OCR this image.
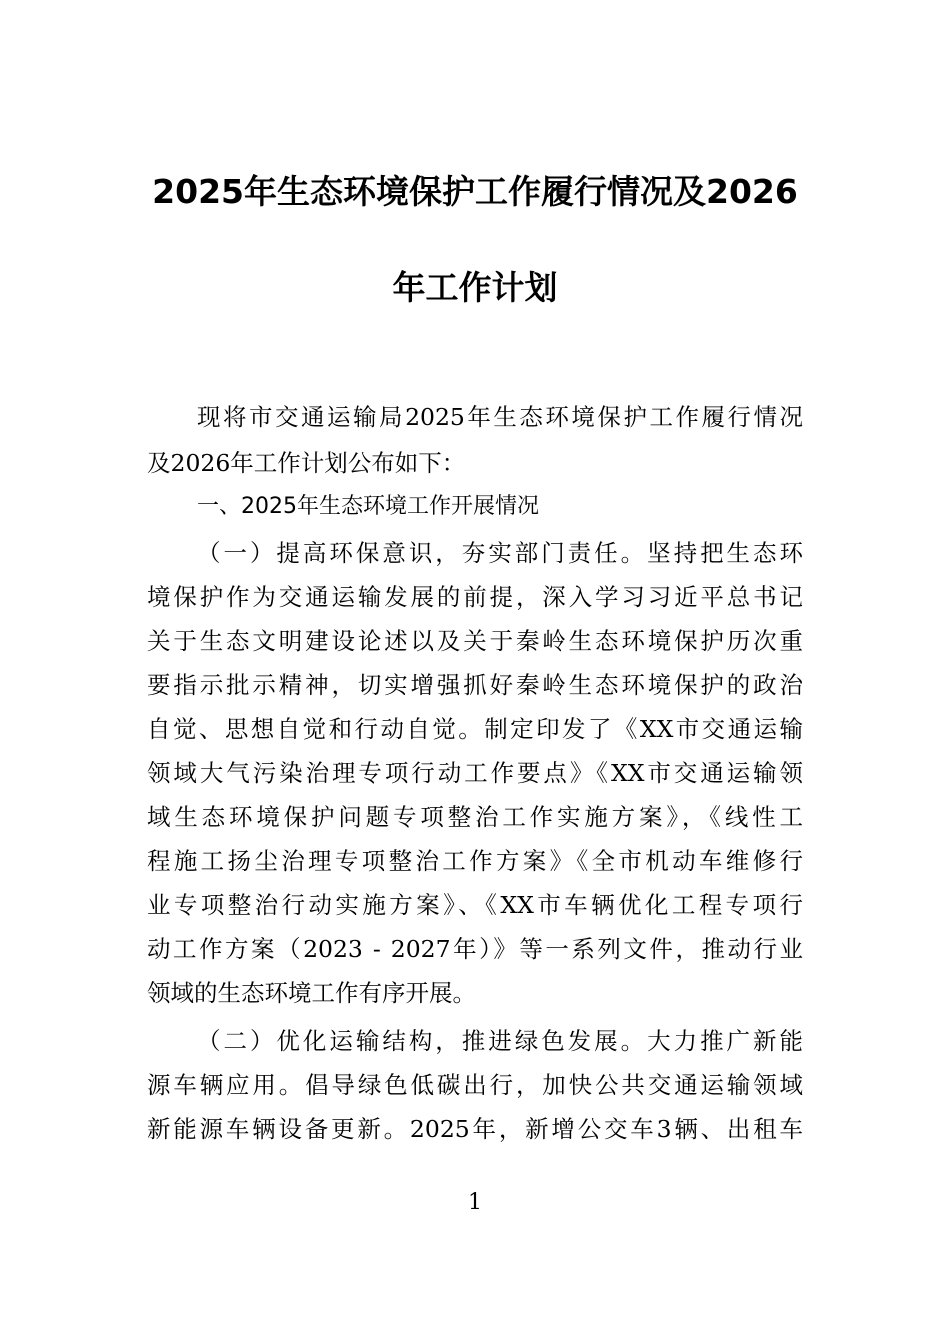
2025年生态环境保护工作履行情况及2026
年工作计划
现将市交通运输局2025年生态环境保护工作履行情况
及2026年工作计划公布如下：
一、2025年生态环境工作开展情况
（一）提高环保意识，夯实部门责任。坚持把生态环
境保护作为交通运输发展的前提，深入学习习近平总书记
关于生态文明建设论述以及关于秦岭生态环境保护历次重
要指示批示精神，切实增强抓好秦岭生态环境保护的政治
自觉、思想自觉和行动自觉。制定印发了《XX市交通运输
领域大气污染治理专项行动工作要点》《XX市交通运输领
域生态环境保护问题专项整治工作实施方案》，《线性工
程施工扬尘治理专项整治工作方案》《全市机动车维修行
业专项整治行动实施方案》、《XX市车辆优化工程专项行
动工作方案（2023 - 2027年）》等一系列文件，推动行业
领域的生态环境工作有序开展。
（二）优化运输结构，推进绿色发展。大力推广新能
源车辆应用。倡导绿色低碳出行，加快公共交通运输领域
新能源车辆设备更新。2025年，新增公交车3辆、出租车
1
